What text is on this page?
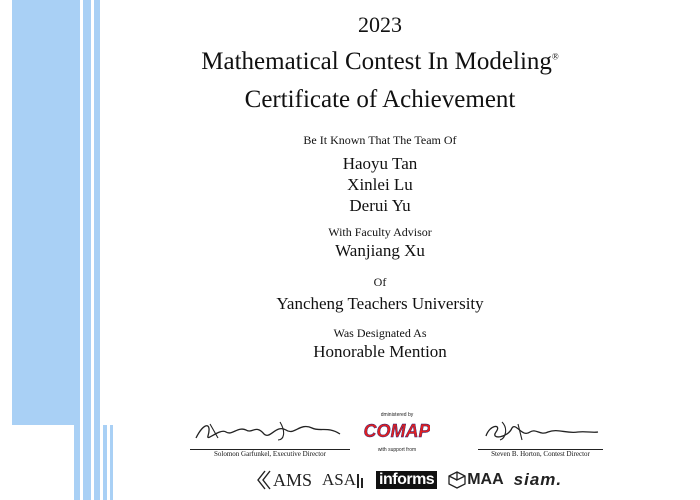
2023
Mathematical Contest In Modeling®
Certificate of Achievement
Be It Known That The Team Of
Haoyu Tan
Xinlei Lu
Derui Yu
With Faculty Advisor
Wanjiang Xu
Of
Yancheng Teachers University
Was Designated As
Honorable Mention
Solomon Garfunkel, Executive Director
dministered by
COMAP
with support from	Steven B. Horton, Contest Director
AMS ASA informs MAA siam.
